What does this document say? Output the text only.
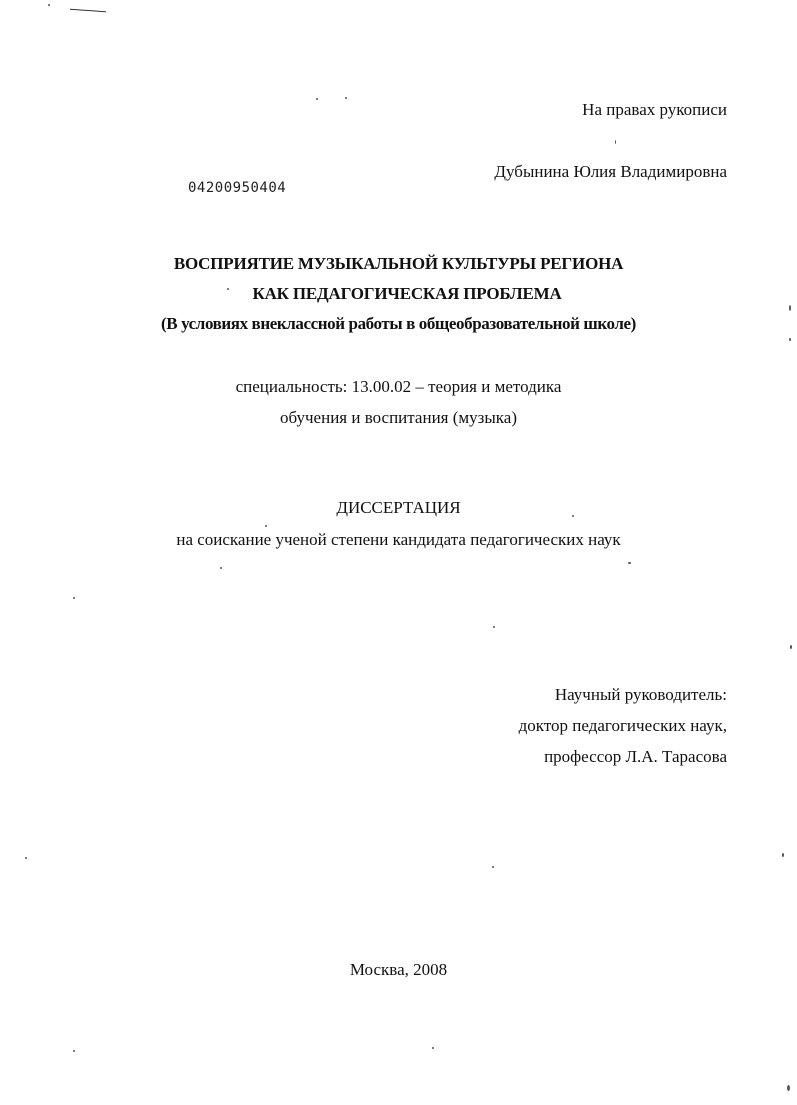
На правах рукописи
04200950404
Дубынина Юлия Владимировна
ВОСПРИЯТИЕ МУЗЫКАЛЬНОЙ КУЛЬТУРЫ РЕГИОНА
КАК ПЕДАГОГИЧЕСКАЯ ПРОБЛЕМА
(В условиях внеклассной работы в общеобразовательной школе)
специальность: 13.00.02 – теория и методика
обучения и воспитания (музыка)
ДИССЕРТАЦИЯ
на соискание ученой степени кандидата педагогических наук
Научный руководитель:
доктор педагогических наук,
профессор Л.А. Тарасова
Москва, 2008
